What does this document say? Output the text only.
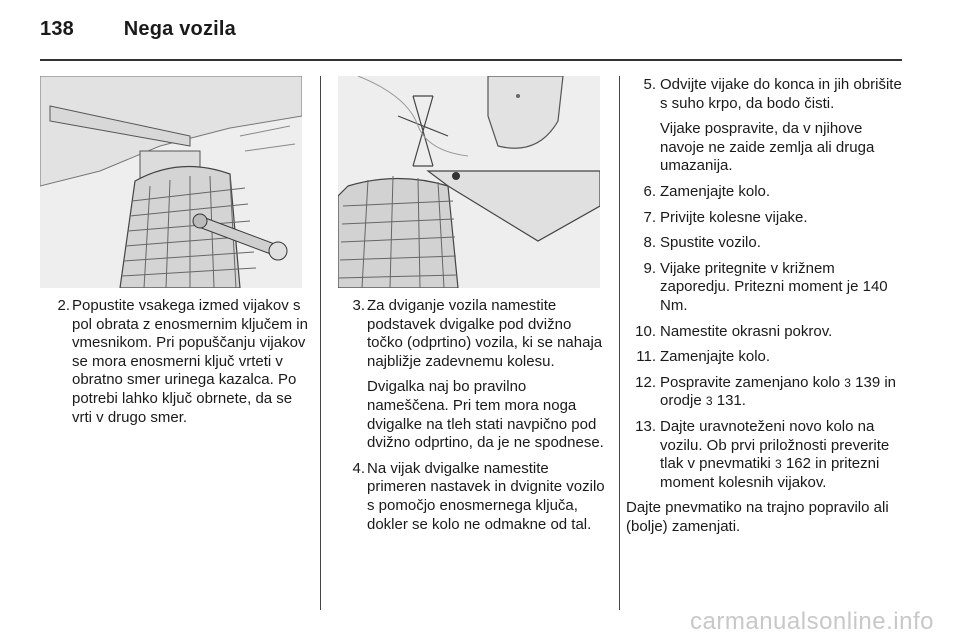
138 Nega vozila
2. Popustite vsakega izmed vijakov s pol obrata z enosmernim ključem in vmesnikom. Pri popuščanju vijakov se mora enosmerni ključ vrteti v obratno smer urinega kazalca. Po potrebi lahko ključ obrnete, da se vrti v drugo smer.

3. Za dviganje vozila namestite podstavek dvigalke pod dvižno točko (odprtino) vozila, ki se nahaja najbližje zadevnemu kolesu.

Dvigalka naj bo pravilno nameščena. Pri tem mora noga dvigalke na tleh stati navpično pod dvižno odprtino, da je ne spodnese.

4. Na vijak dvigalke namestite primeren nastavek in dvignite vozilo s pomočjo enosmernega ključa, dokler se kolo ne odmakne od tal.

5. Odvijte vijake do konca in jih obrišite s suho krpo, da bodo čisti.

Vijake pospravite, da v njihove navoje ne zaide zemlja ali druga umazanija.

6. Zamenjajte kolo.

7. Privijte kolesne vijake.

8. Spustite vozilo.

9. Vijake pritegnite v križnem zaporedju. Pritezni moment je 140 Nm.

10. Namestite okrasni pokrov.

11. Zamenjajte kolo.

12. Pospravite zamenjano kolo 3 139 in orodje 3 131.

13. Dajte uravnoteženi novo kolo na vozilu. Ob prvi priložnosti preverite tlak v pnevmatiki 3 162 in pritezni moment kolesnih vijakov.

Dajte pnevmatiko na trajno popravilo ali (bolje) zamenjati.

carmanualsonline.info
